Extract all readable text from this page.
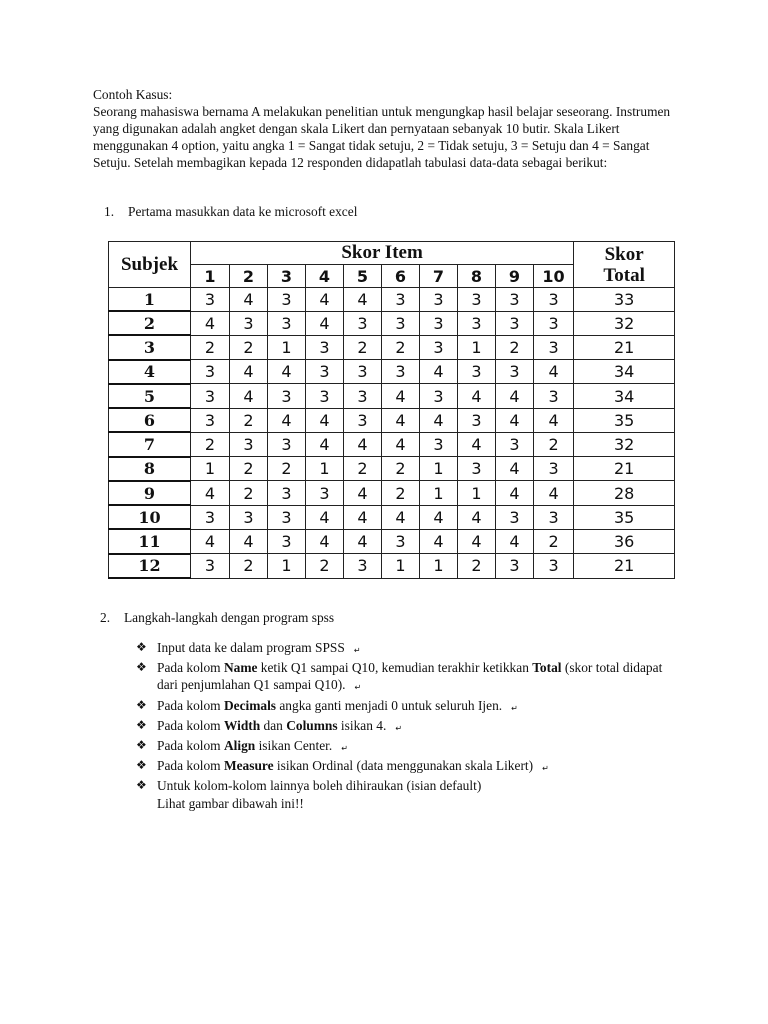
Contoh Kasus:

Seorang mahasiswa bernama A melakukan penelitian untuk mengungkap hasil belajar seseorang. Instrumen yang digunakan adalah angket dengan skala Likert dan pernyataan sebanyak 10 butir. Skala Likert menggunakan 4 option, yaitu angka 1 = Sangat tidak setuju, 2 = Tidak setuju, 3 = Setuju dan 4 = Sangat Setuju. Setelah membagikan kepada 12 responden didapatlah tabulasi data-data sebagai berikut:

1. Pertama masukkan data ke microsoft excel
Subjek	Skor Item										Skor
Total

	1	2	3	4	5	6	7	8	9	10	
1	3	4	3	4	4	3	3	3	3	3	33
2	4	3	3	4	3	3	3	3	3	3	32
3	2	2	1	3	2	2	3	1	2	3	21
4	3	4	4	3	3	3	4	3	3	4	34
5	3	4	3	3	3	4	3	4	4	3	34
6	3	2	4	4	3	4	4	3	4	4	35
7	2	3	3	4	4	4	3	4	3	2	32
8	1	2	2	1	2	2	1	3	4	3	21
9	4	2	3	3	4	2	1	1	4	4	28
10	3	3	3	4	4	4	4	4	3	3	35
11	4	4	3	4	4	3	4	4	4	2	36
12	3	2	1	2	3	1	1	2	3	3	21
2. Langkah-langkah dengan program spss
❖ Input data ke dalam program SPSS ↵
❖ Pada kolom Name ketik Q1 sampai Q10, kemudian terakhir ketikkan Total (skor total didapat dari penjumlahan Q1 sampai Q10). ↵
❖ Pada kolom Decimals angka ganti menjadi 0 untuk seluruh Ijen. ↵
❖ Pada kolom Width dan Columns isikan 4. ↵
❖ Pada kolom Align isikan Center. ↵
❖ Pada kolom Measure isikan Ordinal (data menggunakan skala Likert) ↵
❖ Untuk kolom-kolom lainnya boleh dihiraukan (isian default)
Lihat gambar dibawah ini!!
